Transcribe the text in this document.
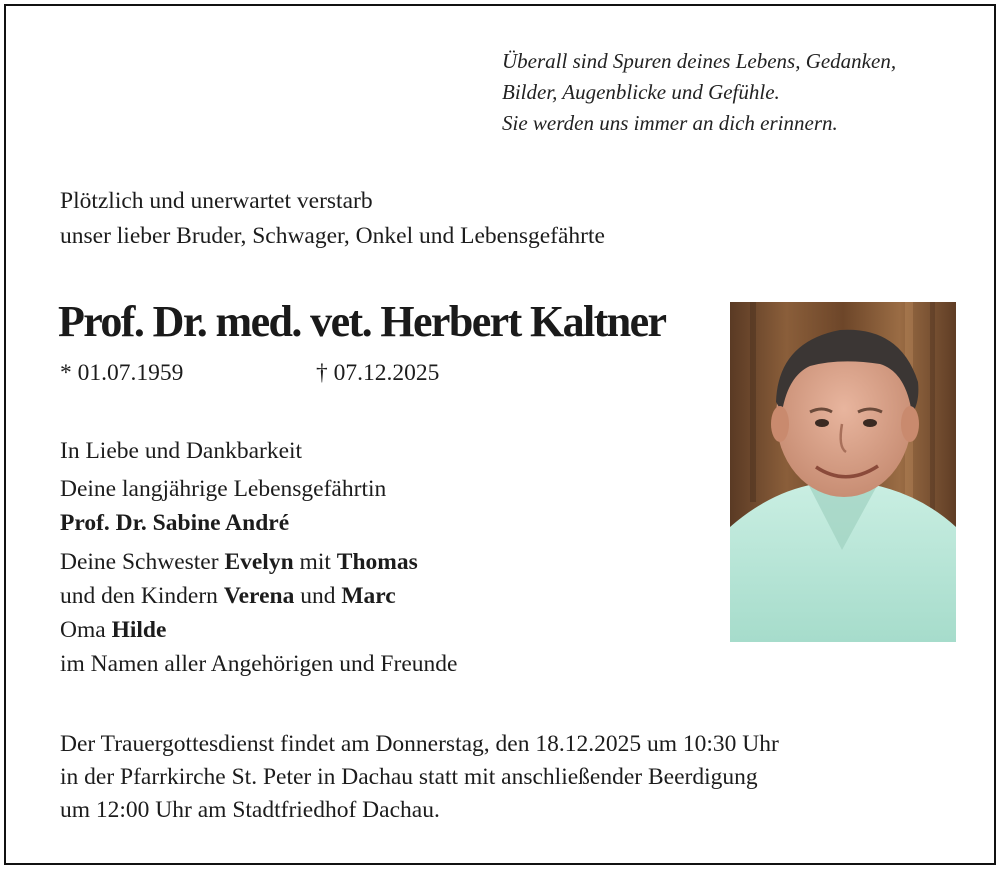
Überall sind Spuren deines Lebens, Gedanken,
Bilder, Augenblicke und Gefühle.
Sie werden uns immer an dich erinnern.
Plötzlich und unerwartet verstarb
unser lieber Bruder, Schwager, Onkel und Lebensgefährte
Prof. Dr. med. vet. Herbert Kaltner
* 01.07.1959	† 07.12.2025
In Liebe und Dankbarkeit
Deine langjährige Lebensgefährtin
Prof. Dr. Sabine André
Deine Schwester Evelyn mit Thomas
und den Kindern Verena und Marc
Oma Hilde
im Namen aller Angehörigen und Freunde
Der Trauergottesdienst findet am Donnerstag, den 18.12.2025 um 10:30 Uhr
in der Pfarrkirche St. Peter in Dachau statt mit anschließender Beerdigung
um 12:00 Uhr am Stadtfriedhof Dachau.
